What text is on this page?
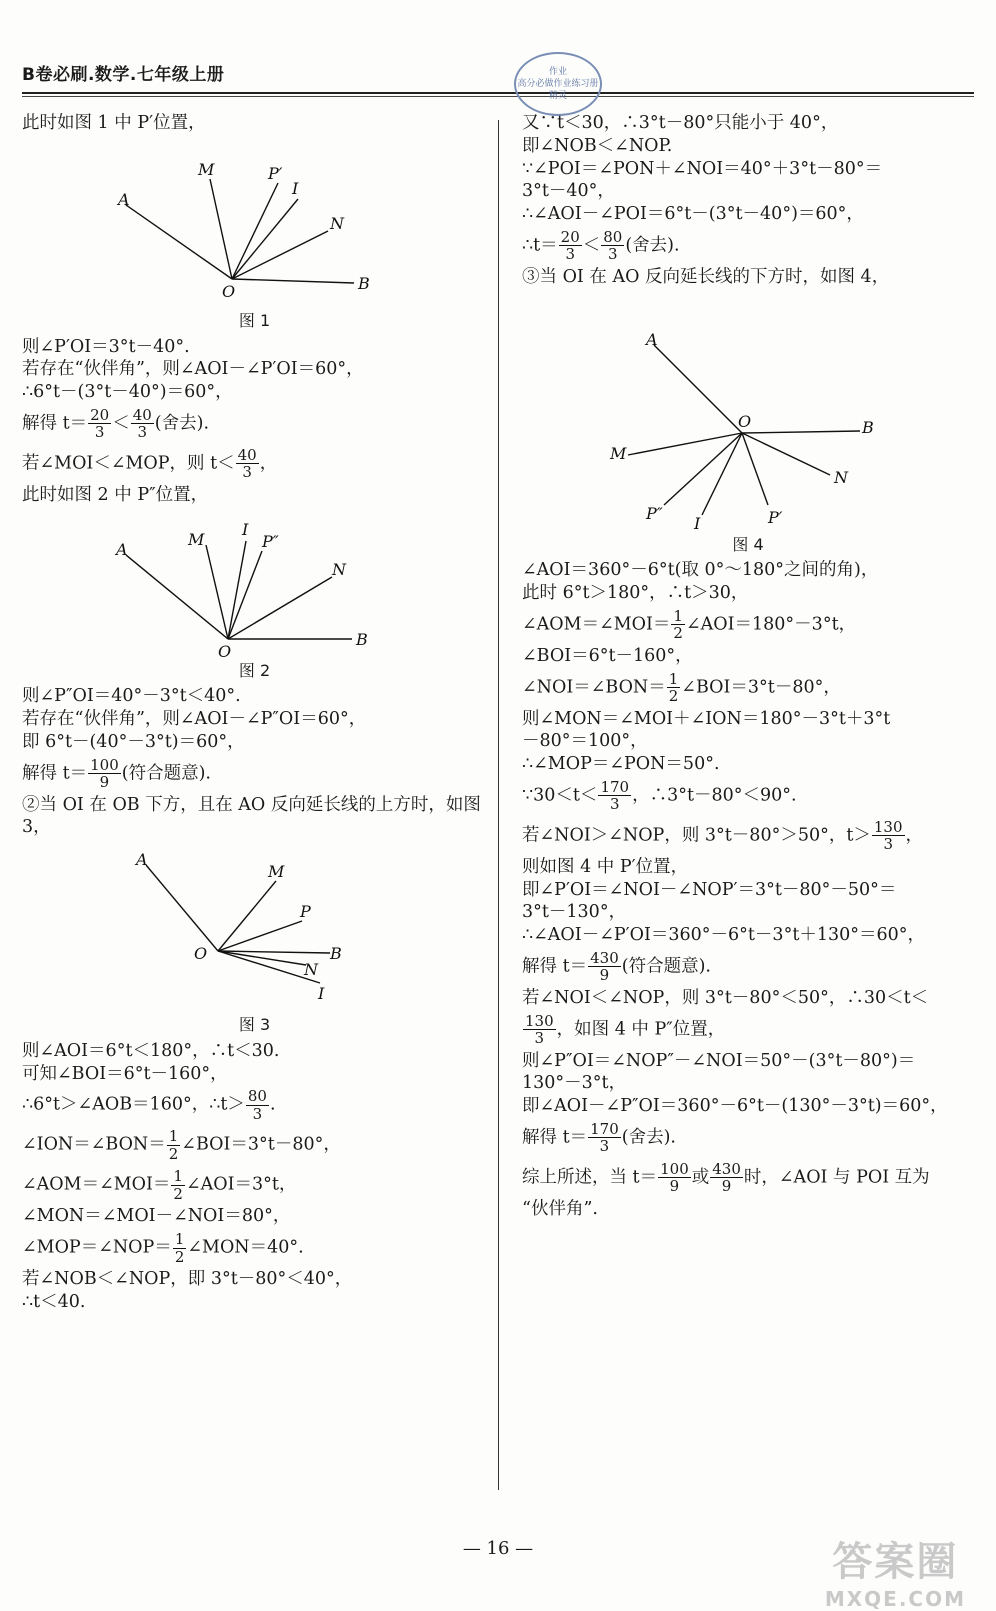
B卷必刷.数学.七年级上册	作业
高分必做作业练习册
精灵
此时如图 1 中 P′位置，
A
M	P′
I
N
O	B
图 1
则∠P′OI＝3°t－40°.
若存在“伙伴角”，则∠AOI－∠P′OI＝60°，
∴6°t－(3°t－40°)＝60°，
解得 $t= \frac{20}{3} < \frac{40}{3}$ (舍去).
若∠MOI＜∠MOP，则 $t< \frac{40}{3}$ ，
此时如图 2 中 P″位置，
A
M
I
P″
N
O
B
图 2
则∠P″OI＝40°－3°t＜40°.
若存在“伙伴角”，则∠AOI－∠P″OI＝60°，
即 6°t－(40°－3°t)＝60°，
解得 $t= \frac{100}{9}$ (符合题意).
②当 OI 在 OB 下方，且在 AO 反向延长线的上方时，如图 3，
A
M
P
O	B
N
I
图 3
则∠AOI＝6°t＜180°，∴t＜30.
可知∠BOI＝6°t－160°，
∴6°t＞∠AOB＝160°，∴t＞ $\frac{80}{3}$ .
∠ION＝∠BON＝ $\frac{1}{2}$ ∠BOI＝3°t－80°，
∠AOM＝∠MOI＝ $\frac{1}{2}$ ∠AOI＝3°t，
∠MON＝∠MOI－∠NOI＝80°，
∠MOP＝∠NOP＝ $\frac{1}{2}$ ∠MON＝40°.
若∠NOB＜∠NOP，即 3°t－80°＜40°，
∴t＜40.
又∵t＜30，∴3°t－80°只能小于 40°，
即∠NOB＜∠NOP.
∵∠POI＝∠PON＋∠NOI＝40°＋3°t－80°＝
3°t－40°，
∴∠AOI－∠POI＝6°t－(3°t－40°)＝60°，
∴t＝ $\frac{20}{3} < \frac{80}{3}$ (舍去).
③当 OI 在 AO 反向延长线的下方时，如图 4，
A
O	B
M
N
P″
I	P′
图 4
∠AOI＝360°－6°t(取 0°～180°之间的角)，
此时 6°t＞180°，∴t＞30，
∠AOM＝∠MOI＝ $\frac{1}{2}$ ∠AOI＝180°－3°t，
∠BOI＝6°t－160°，
∠NOI＝∠BON＝ $\frac{1}{2}$ ∠BOI＝3°t－80°，
则∠MON＝∠MOI＋∠ION＝180°－3°t＋3°t
－80°＝100°，
∴∠MOP＝∠PON＝50°.
∵30＜t＜ $\frac{170}{3}$ ，∴3°t－80°＜90°.
若∠NOI＞∠NOP，则 3°t－80°＞50°，$t> \frac{130}{3}$ ，
则如图 4 中 P′位置，
即∠P′OI＝∠NOI－∠NOP′＝3°t－80°－50°＝
3°t－130°，
∴∠AOI－∠P′OI＝360°－6°t－3°t＋130°＝60°，
解得 $t= \frac{430}{9}$ (符合题意).
若∠NOI＜∠NOP，则 3°t－80°＜50°，∴30＜t＜
$\frac{130}{3}$ ，如图 4 中 P″位置，
则∠P″OI＝∠NOP″－∠NOI＝50°－(3°t－80°)＝
130°－3°t，
即∠AOI－∠P″OI＝360°－6°t－(130°－3°t)＝60°，
解得 $t= \frac{170}{3}$ (舍去).
综上所述，当 $t= \frac{100}{9}$ 或 $\frac{430}{9}$ 时，∠AOI 与 POI 互为
“伙伴角”.
— 16 —	答案圈
MXQE.COM
